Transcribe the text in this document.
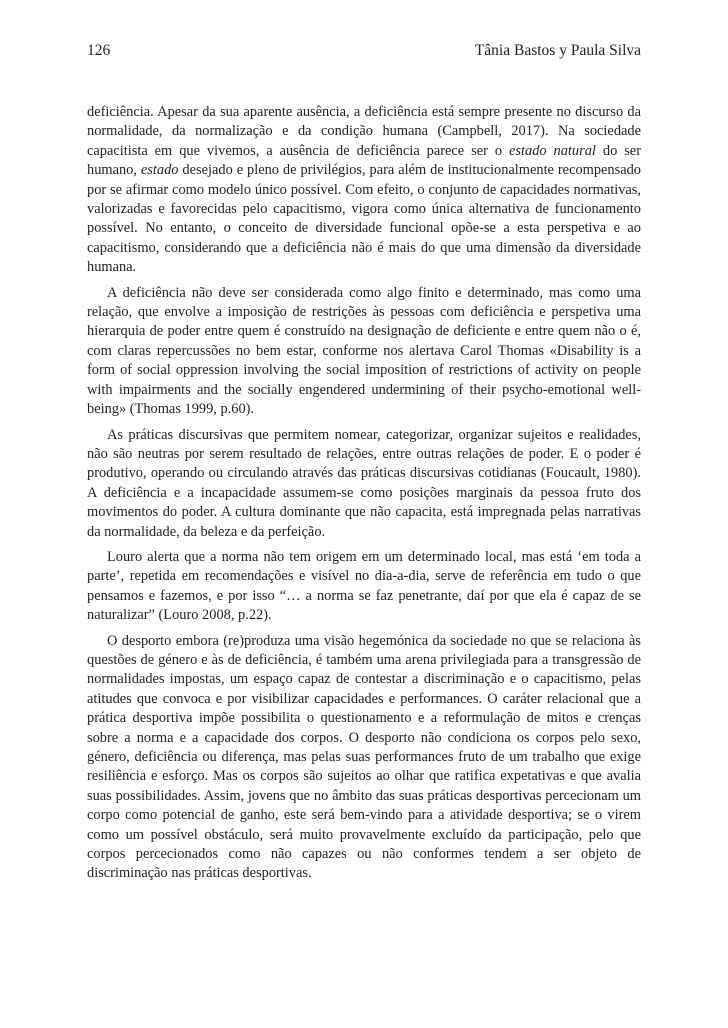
126	Tânia Bastos y Paula Silva

deficiência. Apesar da sua aparente ausência, a deficiência está sempre presente no discurso da normalidade, da normalização e da condição humana (Campbell, 2017). Na sociedade capacitista em que vivemos, a ausência de deficiência parece ser o estado natural do ser humano, estado desejado e pleno de privilégios, para além de institucionalmente recompensado por se afirmar como modelo único possível. Com efeito, o conjunto de capacidades normativas, valorizadas e favorecidas pelo capacitismo, vigora como única alternativa de funcionamento possível. No entanto, o conceito de diversidade funcional opõe-se a esta perspetiva e ao capacitismo, considerando que a deficiência não é mais do que uma dimensão da diversidade humana.

A deficiência não deve ser considerada como algo finito e determinado, mas como uma relação, que envolve a imposição de restrições às pessoas com deficiência e perspetiva uma hierarquia de poder entre quem é construído na designação de deficiente e entre quem não o é, com claras repercussões no bem estar, conforme nos alertava Carol Thomas «Disability is a form of social oppression involving the social imposition of restrictions of activity on people with impairments and the socially engendered undermining of their psycho-emotional well-being» (Thomas 1999, p.60).

As práticas discursivas que permitem nomear, categorizar, organizar sujeitos e realidades, não são neutras por serem resultado de relações, entre outras relações de poder. E o poder é produtivo, operando ou circulando através das práticas discursivas cotidianas (Foucault, 1980). A deficiência e a incapacidade assumem-se como posições marginais da pessoa fruto dos movimentos do poder. A cultura dominante que não capacita, está impregnada pelas narrativas da normalidade, da beleza e da perfeição.

Louro alerta que a norma não tem origem em um determinado local, mas está ‘em toda a parte’, repetida em recomendações e visível no dia-a-dia, serve de referência em tudo o que pensamos e fazemos, e por isso “… a norma se faz penetrante, daí por que ela é capaz de se naturalizar” (Louro 2008, p.22).

O desporto embora (re)produza uma visão hegemónica da sociedade no que se relaciona às questões de género e às de deficiência, é também uma arena privilegiada para a transgressão de normalidades impostas, um espaço capaz de contestar a discriminação e o capacitismo, pelas atitudes que convoca e por visibilizar capacidades e performances. O caráter relacional que a prática desportiva impõe possibilita o questionamento e a reformulação de mitos e crenças sobre a norma e a capacidade dos corpos. O desporto não condiciona os corpos pelo sexo, género, deficiência ou diferença, mas pelas suas performances fruto de um trabalho que exige resiliência e esforço. Mas os corpos são sujeitos ao olhar que ratifica expetativas e que avalia suas possibilidades. Assim, jovens que no âmbito das suas práticas desportivas percecionam um corpo como potencial de ganho, este será bem-vindo para a atividade desportiva; se o virem como um possível obstáculo, será muito provavelmente excluído da participação, pelo que corpos percecionados como não capazes ou não conformes tendem a ser objeto de discriminação nas práticas desportivas.
